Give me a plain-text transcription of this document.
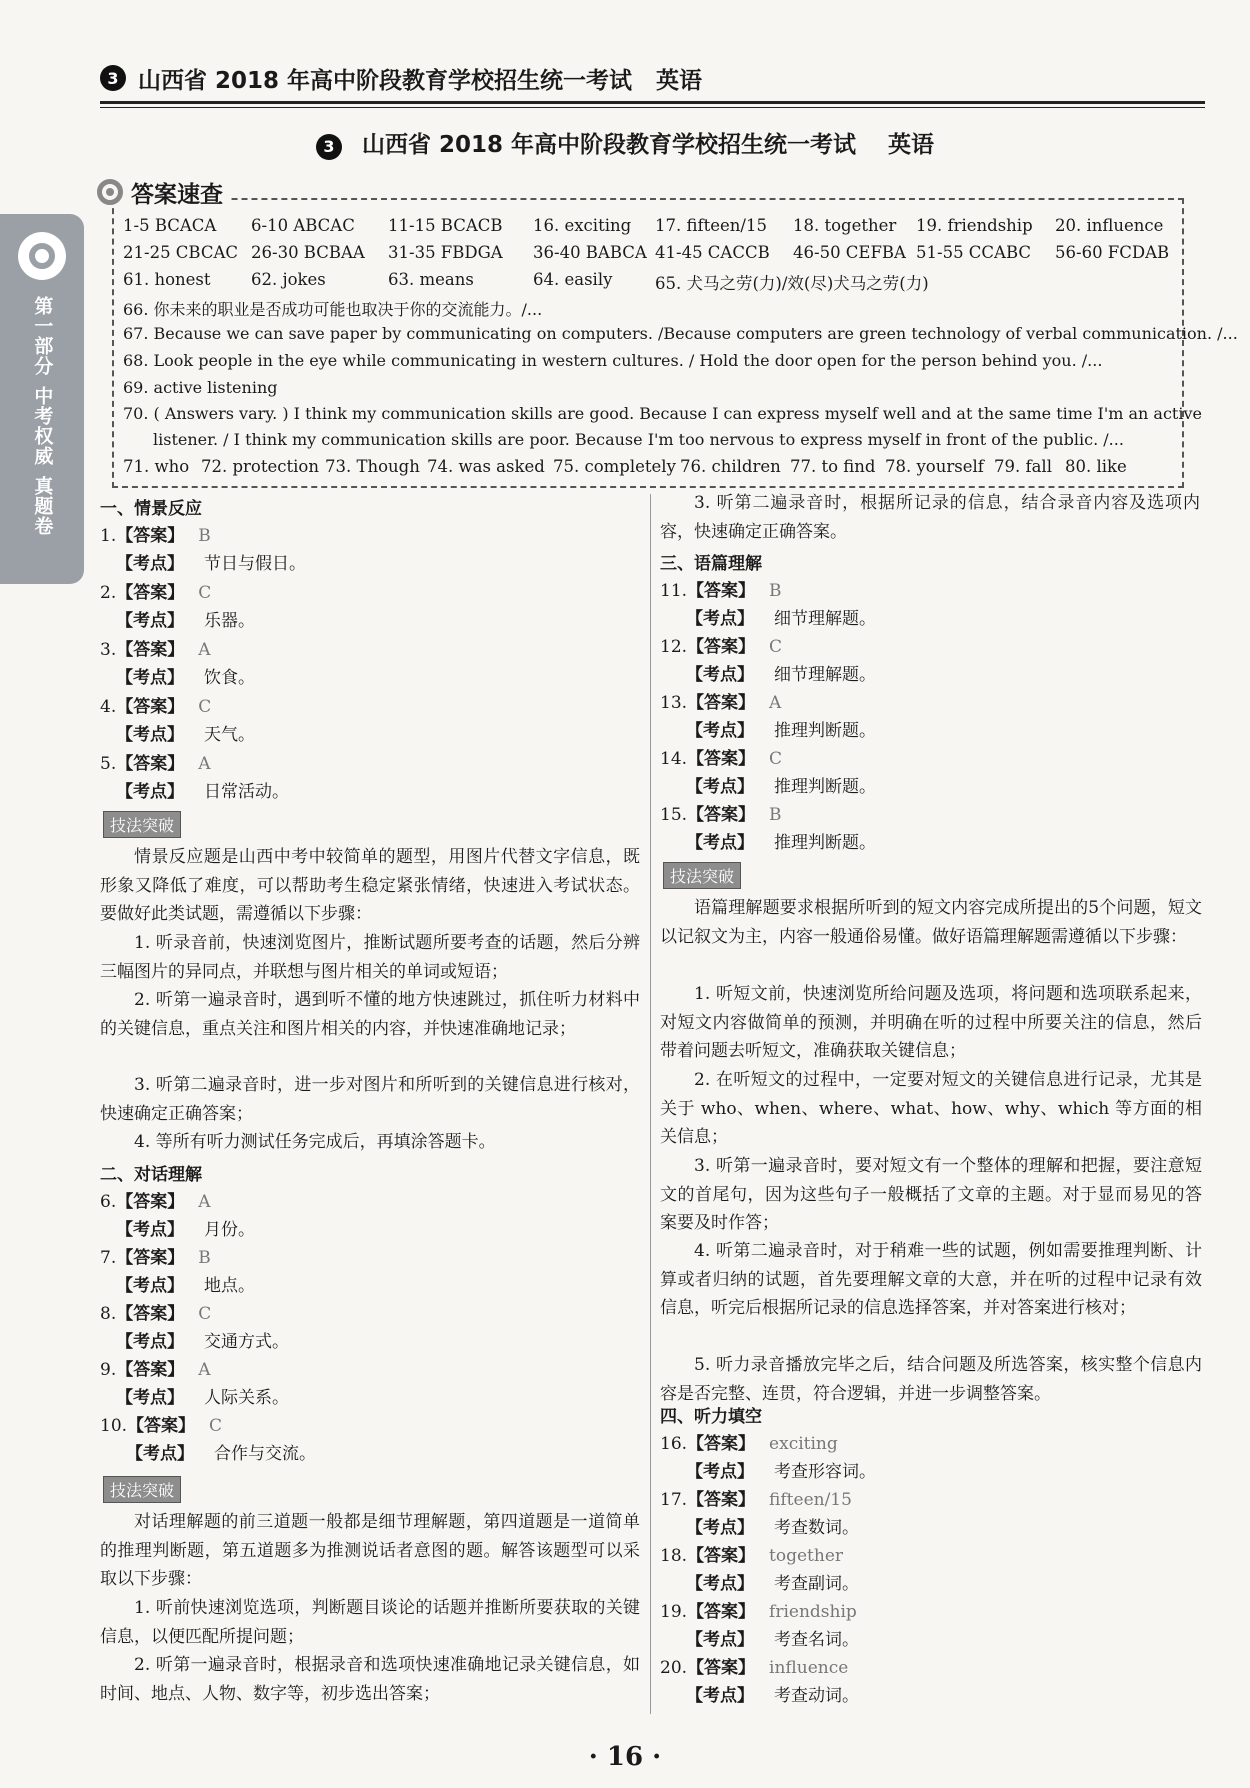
3 山西省 2018 年高中阶段教育学校招生统一考试 英语
3 山西省 2018 年高中阶段教育学校招生统一考试 英语
第一部分
中考权威
真题卷
答案速查
1-5 BCACA 6-10 ABCAC 11-15 BCACB 16. exciting 17. fifteen/15 18. together 19. friendship 20. influence
21-25 CBCAC 26-30 BCBAA 31-35 FBDGA 36-40 BABCA 41-45 CACCB 46-50 CEFBA 51-55 CCABC 56-60 FCDAB
61. honest 62. jokes	63. means	64. easily	65. 犬马之劳(力)/效(尽)犬马之劳(力)
66. 你未来的职业是否成功可能也取决于你的交流能力。/...
67. Because we can save paper by communicating on computers. /Because computers are green technology of verbal communication. /...
68. Look people in the eye while communicating in western cultures. / Hold the door open for the person behind you. /...
69. active listening
70. ( Answers vary. ) I think my communication skills are good. Because I can express myself well and at the same time I'm an active
listener. / I think my communication skills are poor. Because I'm too nervous to express myself in front of the public. /...
71. who 72. protection 73. Though 74. was asked 75. completely 76. children 77. to find 78. yourself 79. fall 80. like
一、情景反应
1.【答案】 B
【考点】 节日与假日。
2.【答案】 C
【考点】 乐器。
3.【答案】 A
【考点】 饮食。
4.【答案】 C
【考点】 天气。
5.【答案】 A
【考点】 日常活动。
技法突破
情景反应题是山西中考中较简单的题型，用图片代替文字信息，既形象又降低了难度，可以帮助考生稳定紧张情绪，快速进入考试状态。要做好此类试题，需遵循以下步骤：
1. 听录音前，快速浏览图片，推断试题所要考查的话题，然后分辨三幅图片的异同点，并联想与图片相关的单词或短语；
2. 听第一遍录音时，遇到听不懂的地方快速跳过，抓住听力材料中的关键信息，重点关注和图片相关的内容，并快速准确地记录；
3. 听第二遍录音时，进一步对图片和所听到的关键信息进行核对，快速确定正确答案；
4. 等所有听力测试任务完成后，再填涂答题卡。
二、对话理解
6.【答案】 A
【考点】 月份。
7.【答案】 B
【考点】 地点。
8.【答案】 C
【考点】 交通方式。
9.【答案】 A
【考点】 人际关系。
10.【答案】 C
【考点】 合作与交流。
技法突破
对话理解题的前三道题一般都是细节理解题，第四道题是一道简单的推理判断题，第五道题多为推测说话者意图的题。解答该题型可以采取以下步骤：
1. 听前快速浏览选项，判断题目谈论的话题并推断所要获取的关键信息，以便匹配所提问题；
2. 听第一遍录音时，根据录音和选项快速准确地记录关键信息，如时间、地点、人物、数字等，初步选出答案；
3. 听第二遍录音时，根据所记录的信息，结合录音内容及选项内容，快速确定正确答案。
三、语篇理解
11.【答案】 B
【考点】 细节理解题。
12.【答案】 C
【考点】 细节理解题。
13.【答案】 A
【考点】 推理判断题。
14.【答案】 C
【考点】 推理判断题。
15.【答案】 B
【考点】 推理判断题。
技法突破
语篇理解题要求根据所听到的短文内容完成所提出的5个问题，短文以记叙文为主，内容一般通俗易懂。做好语篇理解题需遵循以下步骤：
1. 听短文前，快速浏览所给问题及选项，将问题和选项联系起来，对短文内容做简单的预测，并明确在听的过程中所要关注的信息，然后带着问题去听短文，准确获取关键信息；
2. 在听短文的过程中，一定要对短文的关键信息进行记录，尤其是关于 who、when、where、what、how、why、which 等方面的相关信息；
3. 听第一遍录音时，要对短文有一个整体的理解和把握，要注意短文的首尾句，因为这些句子一般概括了文章的主题。对于显而易见的答案要及时作答；
4. 听第二遍录音时，对于稍难一些的试题，例如需要推理判断、计算或者归纳的试题，首先要理解文章的大意，并在听的过程中记录有效信息，听完后根据所记录的信息选择答案，并对答案进行核对；
5. 听力录音播放完毕之后，结合问题及所选答案，核实整个信息内容是否完整、连贯，符合逻辑，并进一步调整答案。
四、听力填空
16.【答案】 exciting
【考点】 考查形容词。
17.【答案】 fifteen/15
【考点】 考查数词。
18.【答案】 together
【考点】 考查副词。
19.【答案】 friendship
【考点】 考查名词。
20.【答案】 influence
【考点】 考查动词。
· 16 ·
